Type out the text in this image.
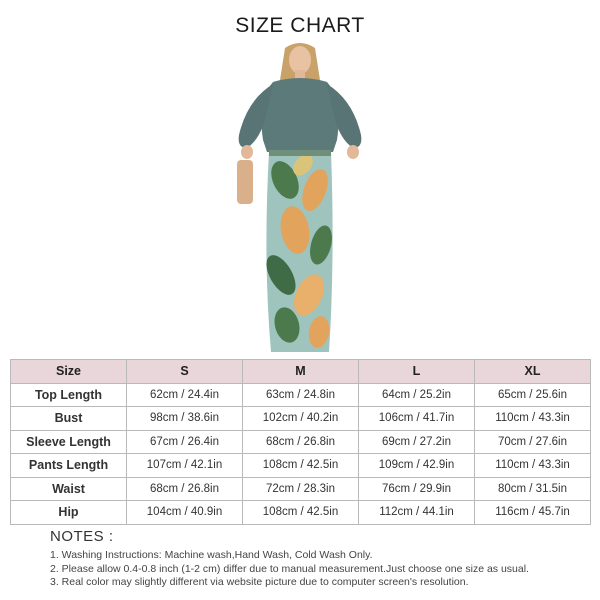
SIZE CHART
Size	S	M	L	XL
Top Length	62cm / 24.4in	63cm / 24.8in	64cm / 25.2in	65cm / 25.6in
Bust	98cm / 38.6in	102cm / 40.2in	106cm / 41.7in	110cm / 43.3in
Sleeve Length	67cm / 26.4in	68cm / 26.8in	69cm / 27.2in	70cm / 27.6in
Pants Length	107cm / 42.1in	108cm / 42.5in	109cm / 42.9in	110cm / 43.3in
Waist	68cm / 26.8in	72cm / 28.3in	76cm / 29.9in	80cm / 31.5in
Hip	104cm / 40.9in	108cm / 42.5in	112cm / 44.1in	116cm / 45.7in
NOTES :
1. Washing Instructions: Machine wash,Hand Wash, Cold Wash Only.
2. Please allow 0.4-0.8 inch (1-2 cm) differ due to manual measurement.Just choose one size as usual.
3. Real color may slightly different via website picture due to computer screen's resolution.
